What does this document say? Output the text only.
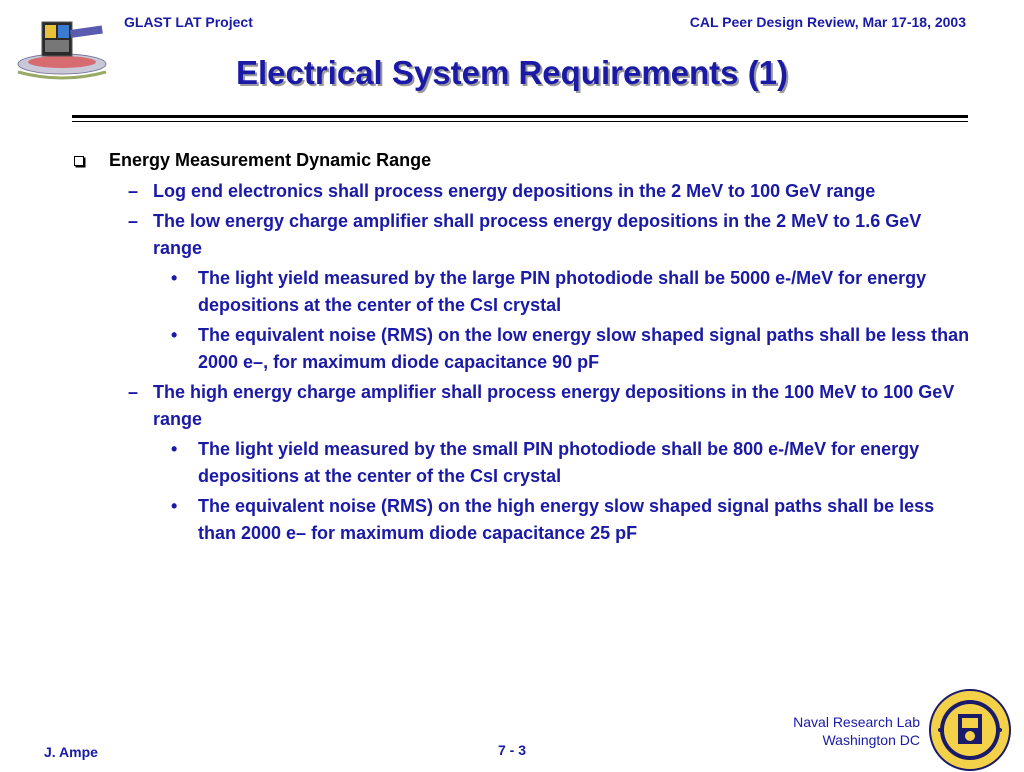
GLAST LAT Project	CAL Peer Design Review, Mar 17-18, 2003
Electrical System Requirements (1)
Energy Measurement Dynamic Range
– Log end electronics shall process energy depositions in the 2 MeV to 100 GeV range
– The low energy charge amplifier shall process energy depositions in the 2 MeV to 1.6 GeV range
• The light yield measured by the large PIN photodiode shall be 5000 e-/MeV for energy depositions at the center of the CsI crystal
• The equivalent noise (RMS) on the low energy slow shaped signal paths shall be less than 2000 e–, for maximum diode capacitance 90 pF
– The high energy charge amplifier shall process energy depositions in the 100 MeV to 100 GeV range
• The light yield measured by the small PIN photodiode shall be 800 e-/MeV for energy depositions at the center of the CsI crystal
• The equivalent noise (RMS) on the high energy slow shaped signal paths shall be less than 2000 e– for maximum diode capacitance 25 pF
J. Ampe	7 - 3
Naval Research Lab
Washington DC
